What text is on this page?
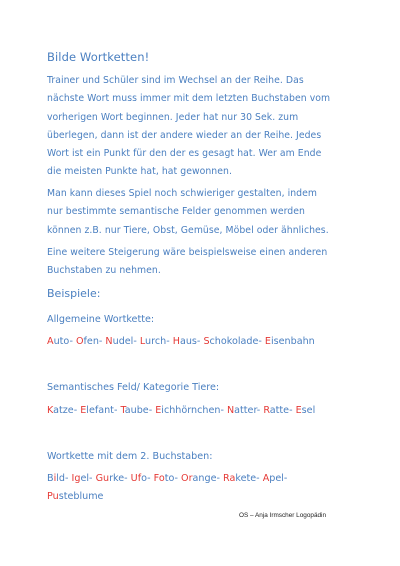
Bilde Wortketten!
Trainer und Schüler sind im Wechsel an der Reihe. Das
nächste Wort muss immer mit dem letzten Buchstaben vom
vorherigen Wort beginnen. Jeder hat nur 30 Sek. zum
überlegen, dann ist der andere wieder an der Reihe. Jedes
Wort ist ein Punkt für den der es gesagt hat. Wer am Ende
die meisten Punkte hat, hat gewonnen.
Man kann dieses Spiel noch schwieriger gestalten, indem
nur bestimmte semantische Felder genommen werden
können z.B. nur Tiere, Obst, Gemüse, Möbel oder ähnliches.
Eine weitere Steigerung wäre beispielsweise einen anderen
Buchstaben zu nehmen.
Beispiele:
Allgemeine Wortkette:
Auto- Ofen- Nudel- Lurch- Haus- Schokolade- Eisenbahn
Semantisches Feld/ Kategorie Tiere:
Katze- Elefant- Taube- Eichhörnchen- Natter- Ratte- Esel
Wortkette mit dem 2. Buchstaben:
Bild- Igel- Gurke- Ufo- Foto- Orange- Rakete- Apel-
Pusteblume
OS – Anja Irmscher Logopädin
